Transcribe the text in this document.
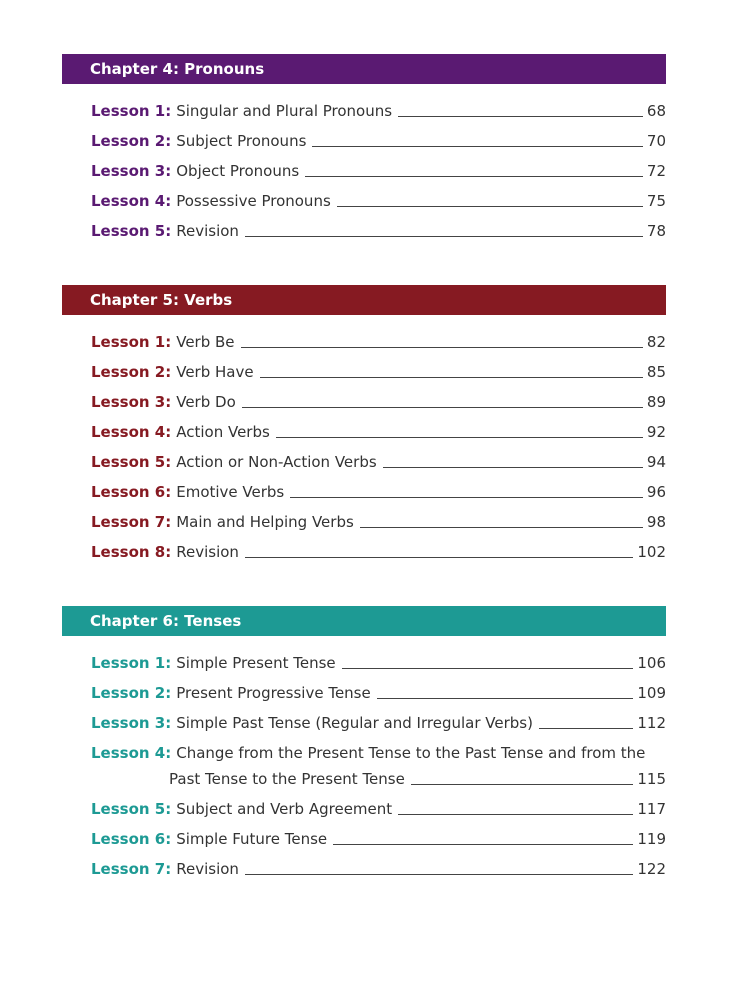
Chapter 4: Pronouns
Lesson 1: Singular and Plural Pronouns	68
Lesson 2: Subject Pronouns	70
Lesson 3: Object Pronouns	72
Lesson 4: Possessive Pronouns	75
Lesson 5: Revision	78
Chapter 5: Verbs
Lesson 1: Verb Be	82
Lesson 2: Verb Have	85
Lesson 3: Verb Do	89
Lesson 4: Action Verbs	92
Lesson 5: Action or Non-Action Verbs	94
Lesson 6: Emotive Verbs	96
Lesson 7: Main and Helping Verbs	98
Lesson 8: Revision	102
Chapter 6: Tenses
Lesson 1: Simple Present Tense	106
Lesson 2: Present Progressive Tense	109
Lesson 3: Simple Past Tense (Regular and Irregular Verbs)	112
Lesson 4: Change from the Present Tense to the Past Tense and from the
Past Tense to the Present Tense	115
Lesson 5: Subject and Verb Agreement	117
Lesson 6: Simple Future Tense	119
Lesson 7: Revision	122
